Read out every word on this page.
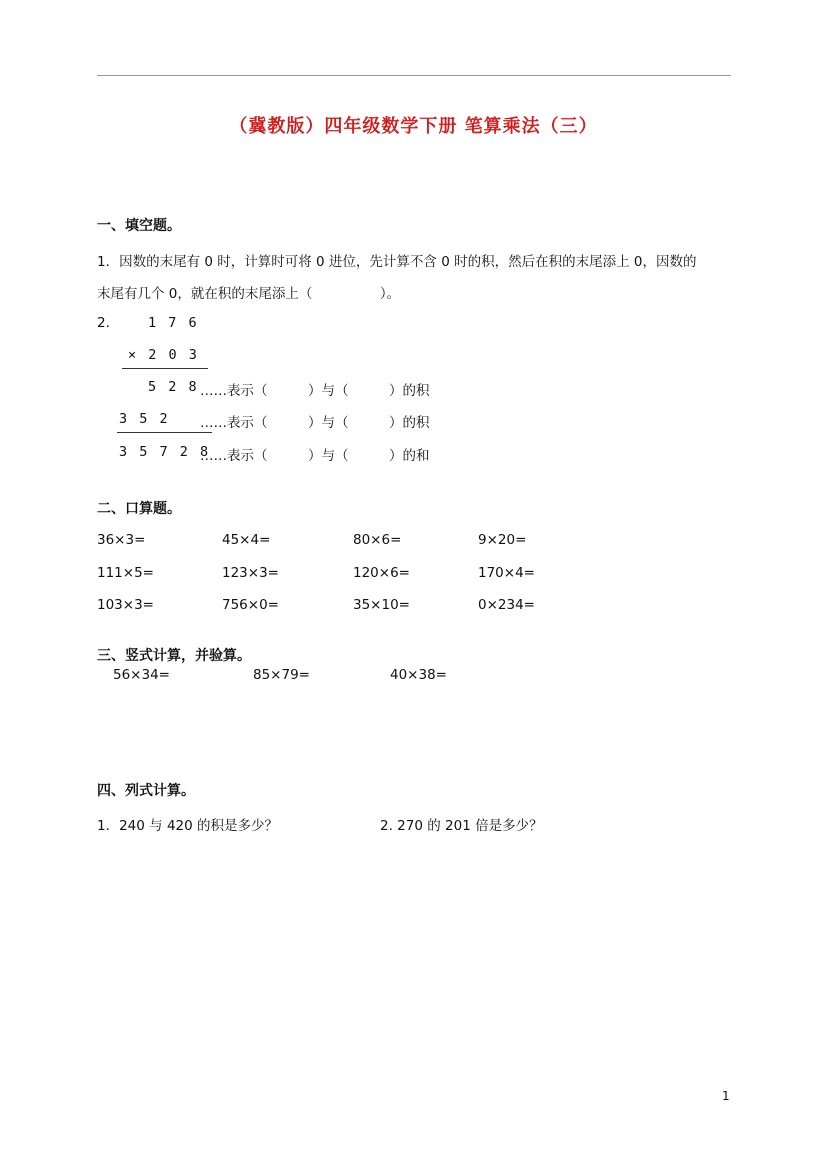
（冀教版）四年级数学下册 笔算乘法（三）
一、填空题。
1．因数的末尾有 0 时，计算时可将 0 进位，先计算不含 0 时的积，然后在积的末尾添上 0，因数的
末尾有几个 0，就在积的末尾添上（　　　　　）。
2.	1 7 6
× 2 0 3
5 2 8 ……表示（　　　）与（　　　）的积
3 5 2 ……表示（　　　）与（　　　）的积
3 5 7 2 8
……表示（　　　）与（　　　）的和
二、口算题。
36×3=	45×4=	80×6=	9×20=
111×5=	123×3=	120×6=	170×4=
103×3=	756×0=	35×10=	0×234=
三、竖式计算，并验算。
56×34=	85×79=	40×38=
四、列式计算。
1．240 与 420 的积是多少？	2. 270 的 201 倍是多少？
1
